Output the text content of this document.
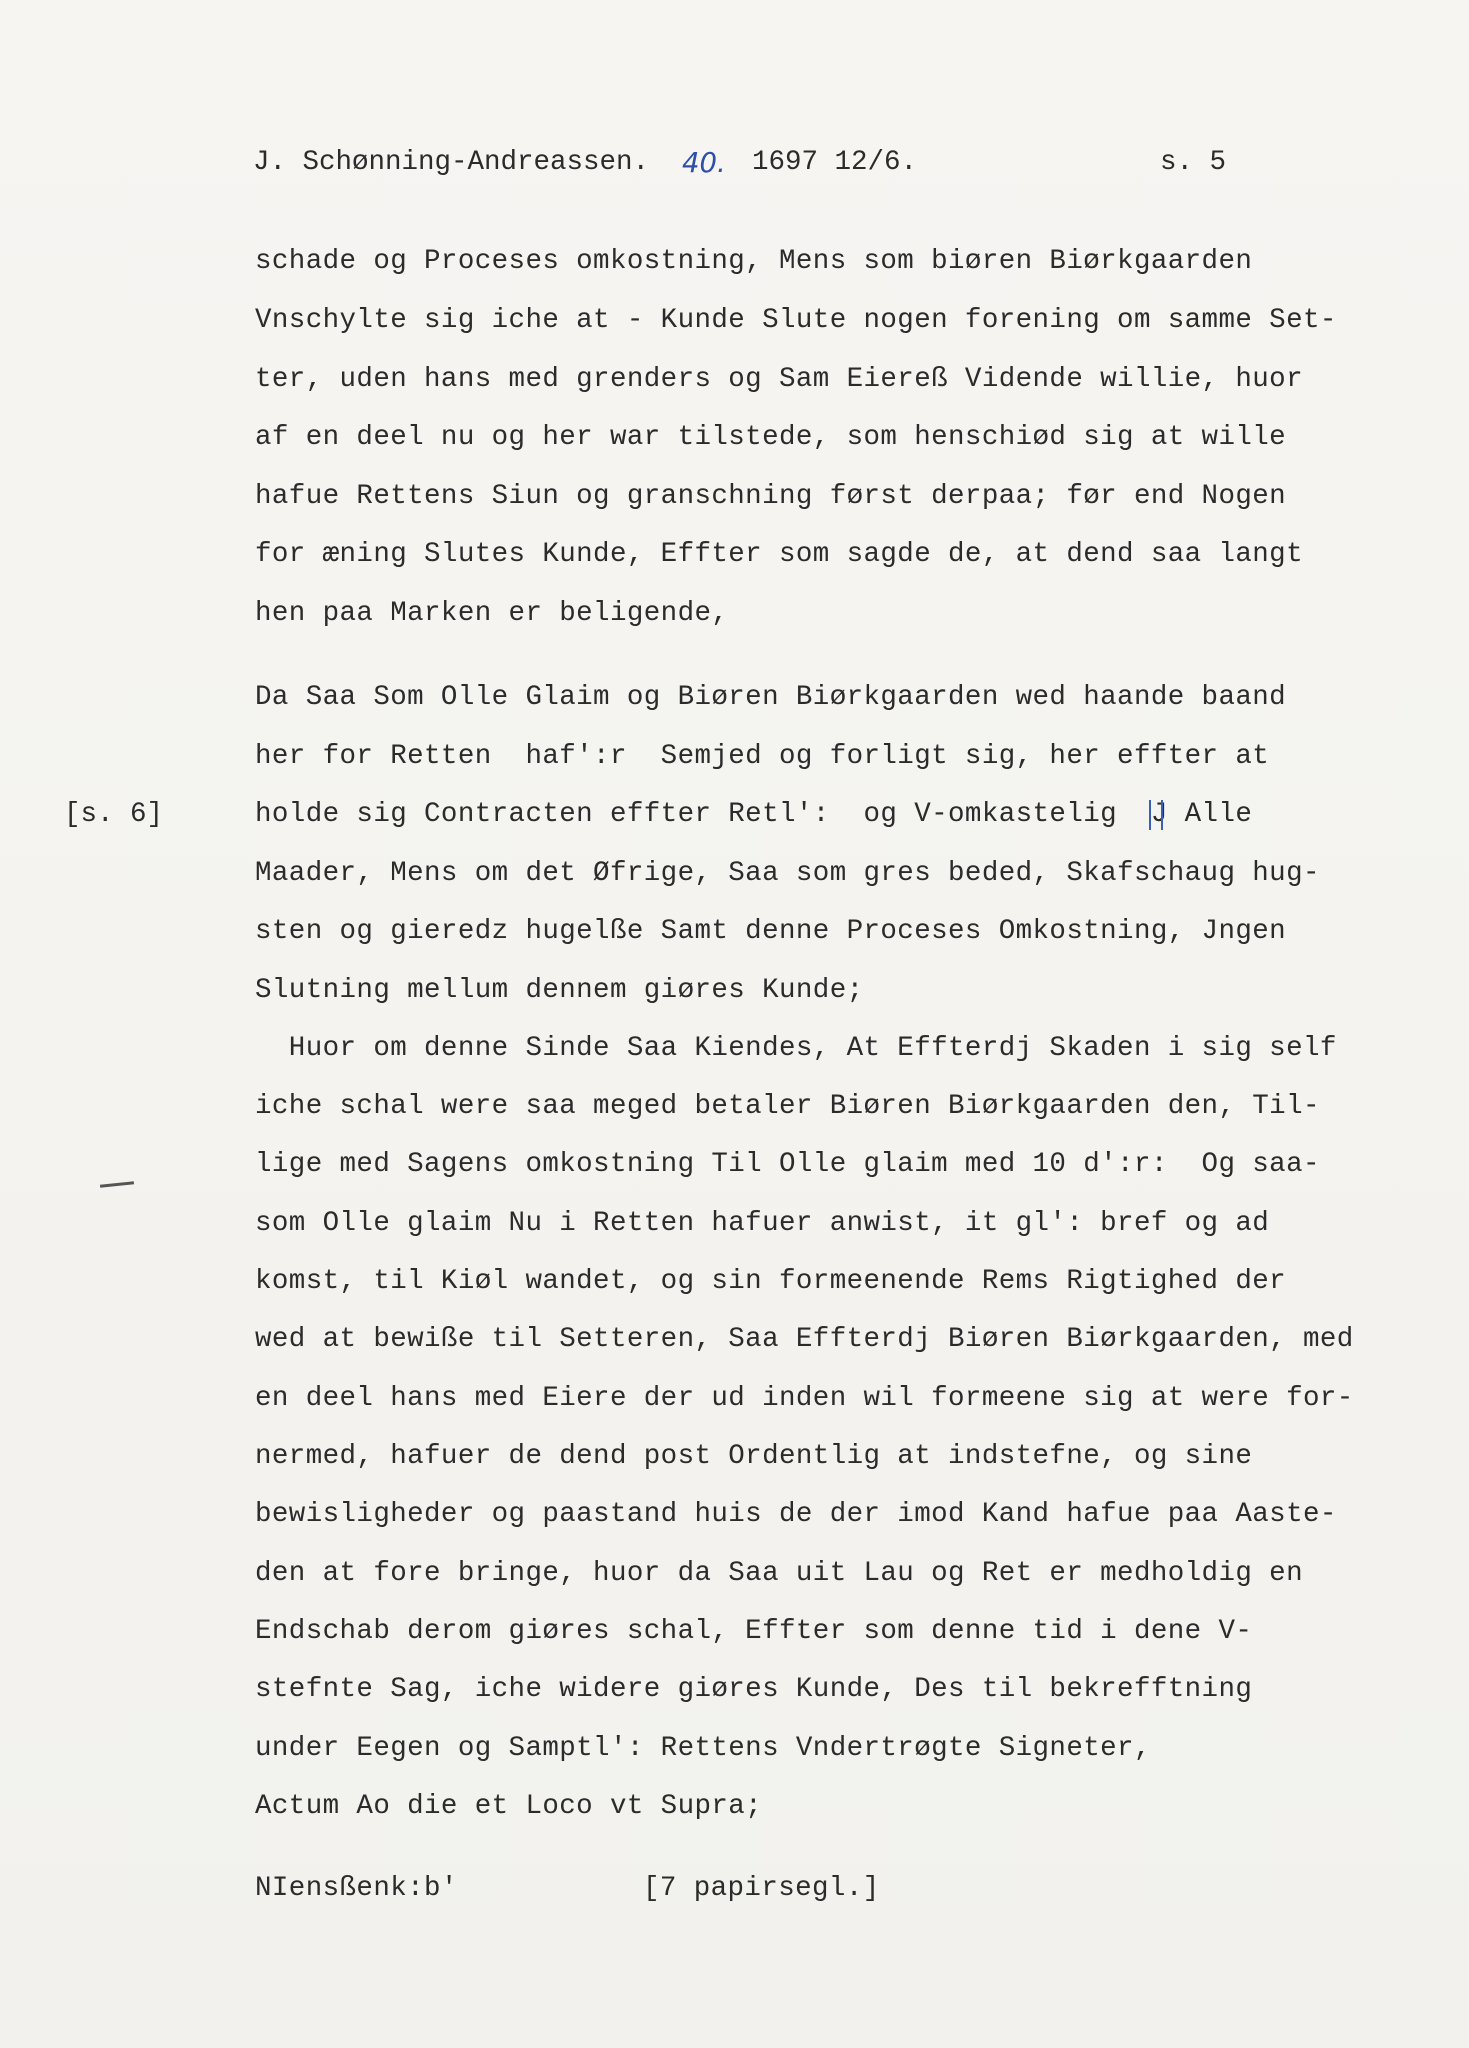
J. Schønning-Andreassen. 40. 1697 12/6.	s. 5
schade og Proceses omkostning, Mens som biøren Biørkgaarden
Vnschylte sig iche at - Kunde Slute nogen forening om samme Set-
ter, uden hans med grenders og Sam Eiereß Vidende willie, huor
af en deel nu og her war tilstede, som henschiød sig at wille
hafue Rettens Siun og granschning først derpaa; før end Nogen
for æning Slutes Kunde, Effter som sagde de, at dend saa langt
hen paa Marken er beligende,
Da Saa Som Olle Glaim og Biøren Biørkgaarden wed haande baand
her for Retten  haf':r  Semjed og forligt sig, her effter at
[s. 6]	holde sig Contracten effter Retl':  og V-omkastelig  J Alle
Maader, Mens om det Øfrige, Saa som gres beded, Skafschaug hug-
sten og gieredz hugelße Samt denne Proceses Omkostning, Jngen
Slutning mellum dennem giøres Kunde;
Huor om denne Sinde Saa Kiendes, At Effterdj Skaden i sig self
iche schal were saa meged betaler Biøren Biørkgaarden den, Til-
lige med Sagens omkostning Til Olle glaim med 10 d':r:  Og saa-
som Olle glaim Nu i Retten hafuer anwist, it gl': bref og ad
komst, til Kiøl wandet, og sin formeenende Rems Rigtighed der
wed at bewiße til Setteren, Saa Effterdj Biøren Biørkgaarden, med
en deel hans med Eiere der ud inden wil formeene sig at were for-
nermed, hafuer de dend post Ordentlig at indstefne, og sine
bewisligheder og paastand huis de der imod Kand hafue paa Aaste-
den at fore bringe, huor da Saa uit Lau og Ret er medholdig en
Endschab derom giøres schal, Effter som denne tid i dene V-
stefnte Sag, iche widere giøres Kunde, Des til bekrefftning
under Eegen og Samptl': Rettens Vndertrøgte Signeter,
Actum Ao die et Loco vt Supra;
NIensßenk:b'	[7 papirsegl.]
